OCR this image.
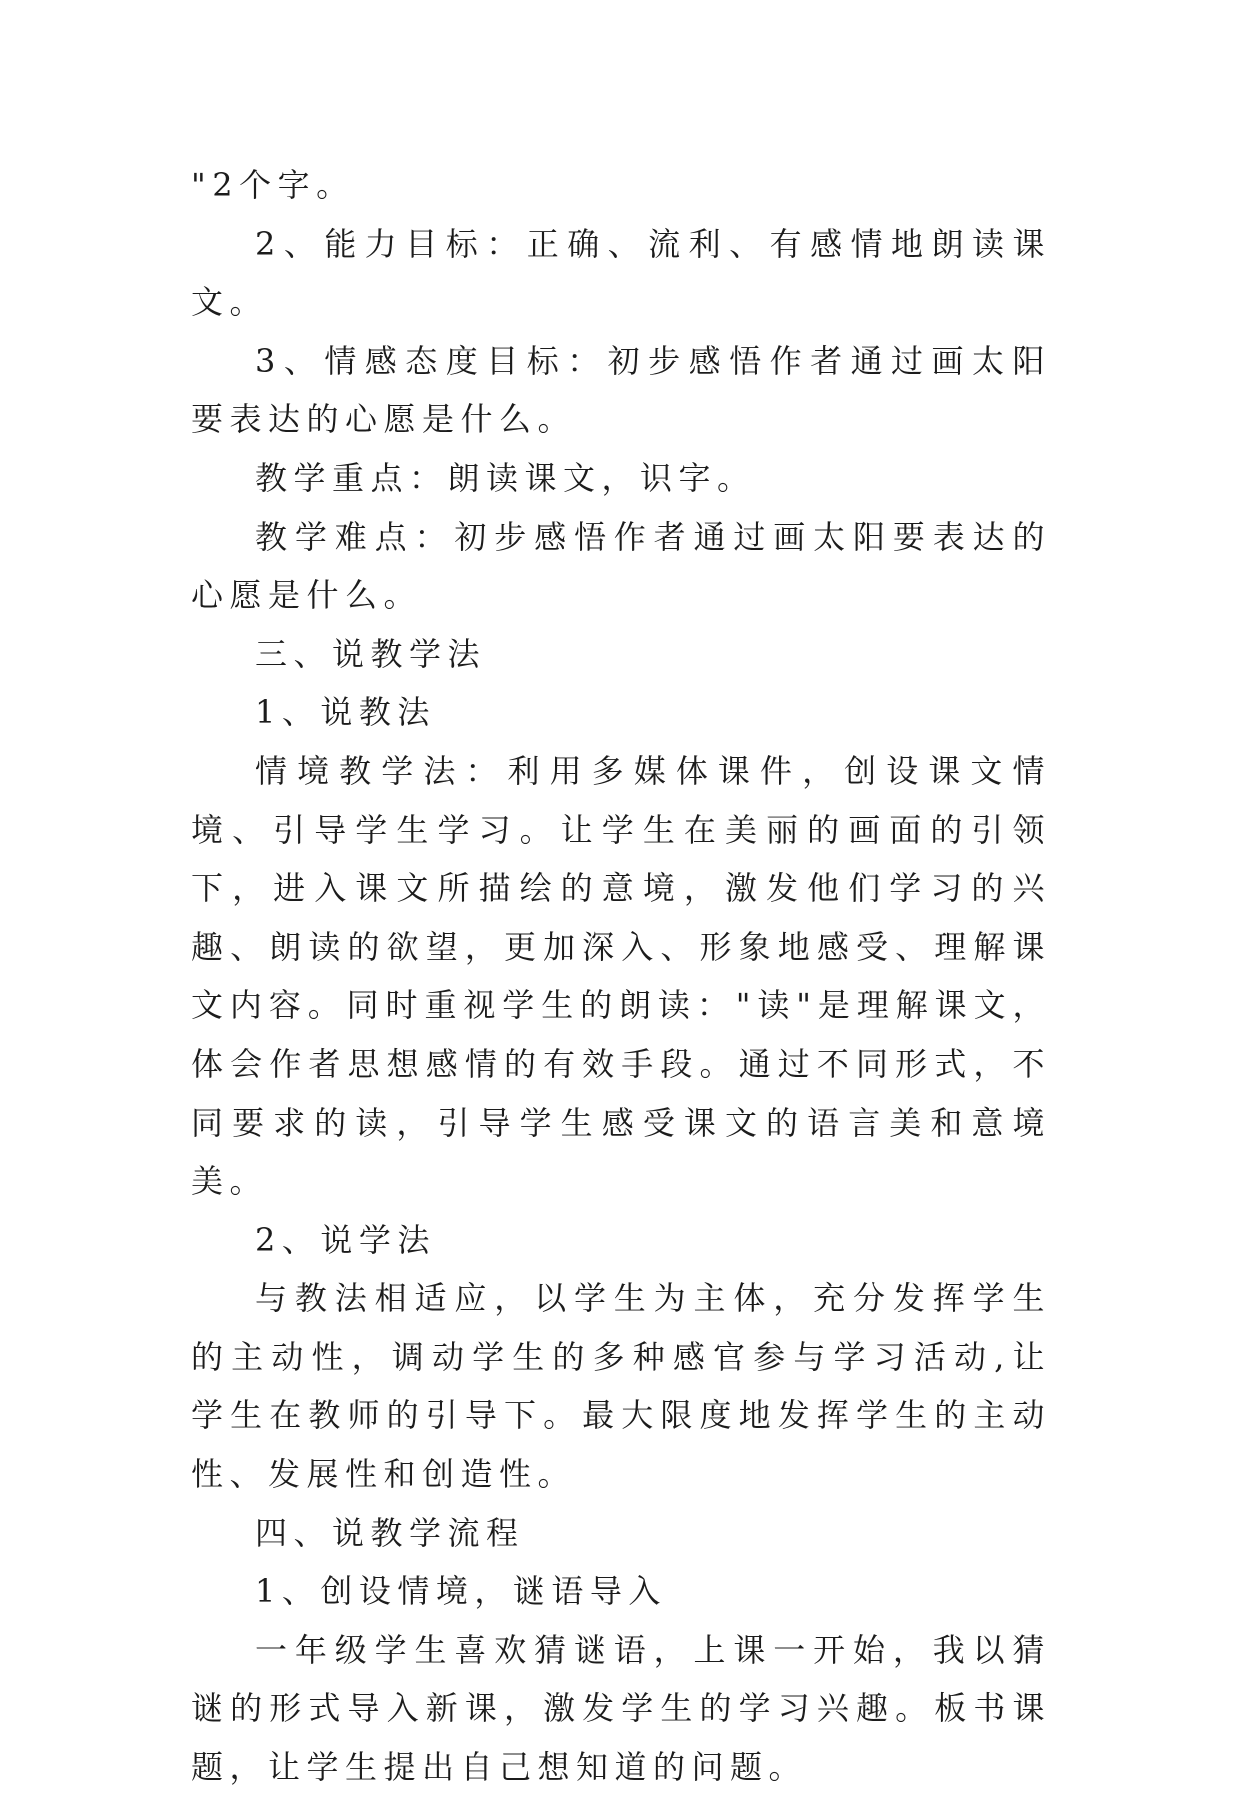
"2个字。

2、能力目标：正确、流利、有感情地朗读课文。

3、情感态度目标：初步感悟作者通过画太阳要表达的心愿是什么。

教学重点：朗读课文，识字。

教学难点：初步感悟作者通过画太阳要表达的心愿是什么。

三、说教学法

1、说教法

情境教学法：利用多媒体课件，创设课文情境、引导学生学习。让学生在美丽的画面的引领下，进入课文所描绘的意境，激发他们学习的兴趣、朗读的欲望，更加深入、形象地感受、理解课文内容。同时重视学生的朗读："读"是理解课文，体会作者思想感情的有效手段。通过不同形式，不同要求的读，引导学生感受课文的语言美和意境美。

2、说学法

与教法相适应，以学生为主体，充分发挥学生的主动性，调动学生的多种感官参与学习活动,让学生在教师的引导下。最大限度地发挥学生的主动性、发展性和创造性。

四、说教学流程

1、创设情境，谜语导入

一年级学生喜欢猜谜语，上课一开始，我以猜谜的形式导入新课，激发学生的学习兴趣。板书课题，让学生提出自己想知道的问题。
